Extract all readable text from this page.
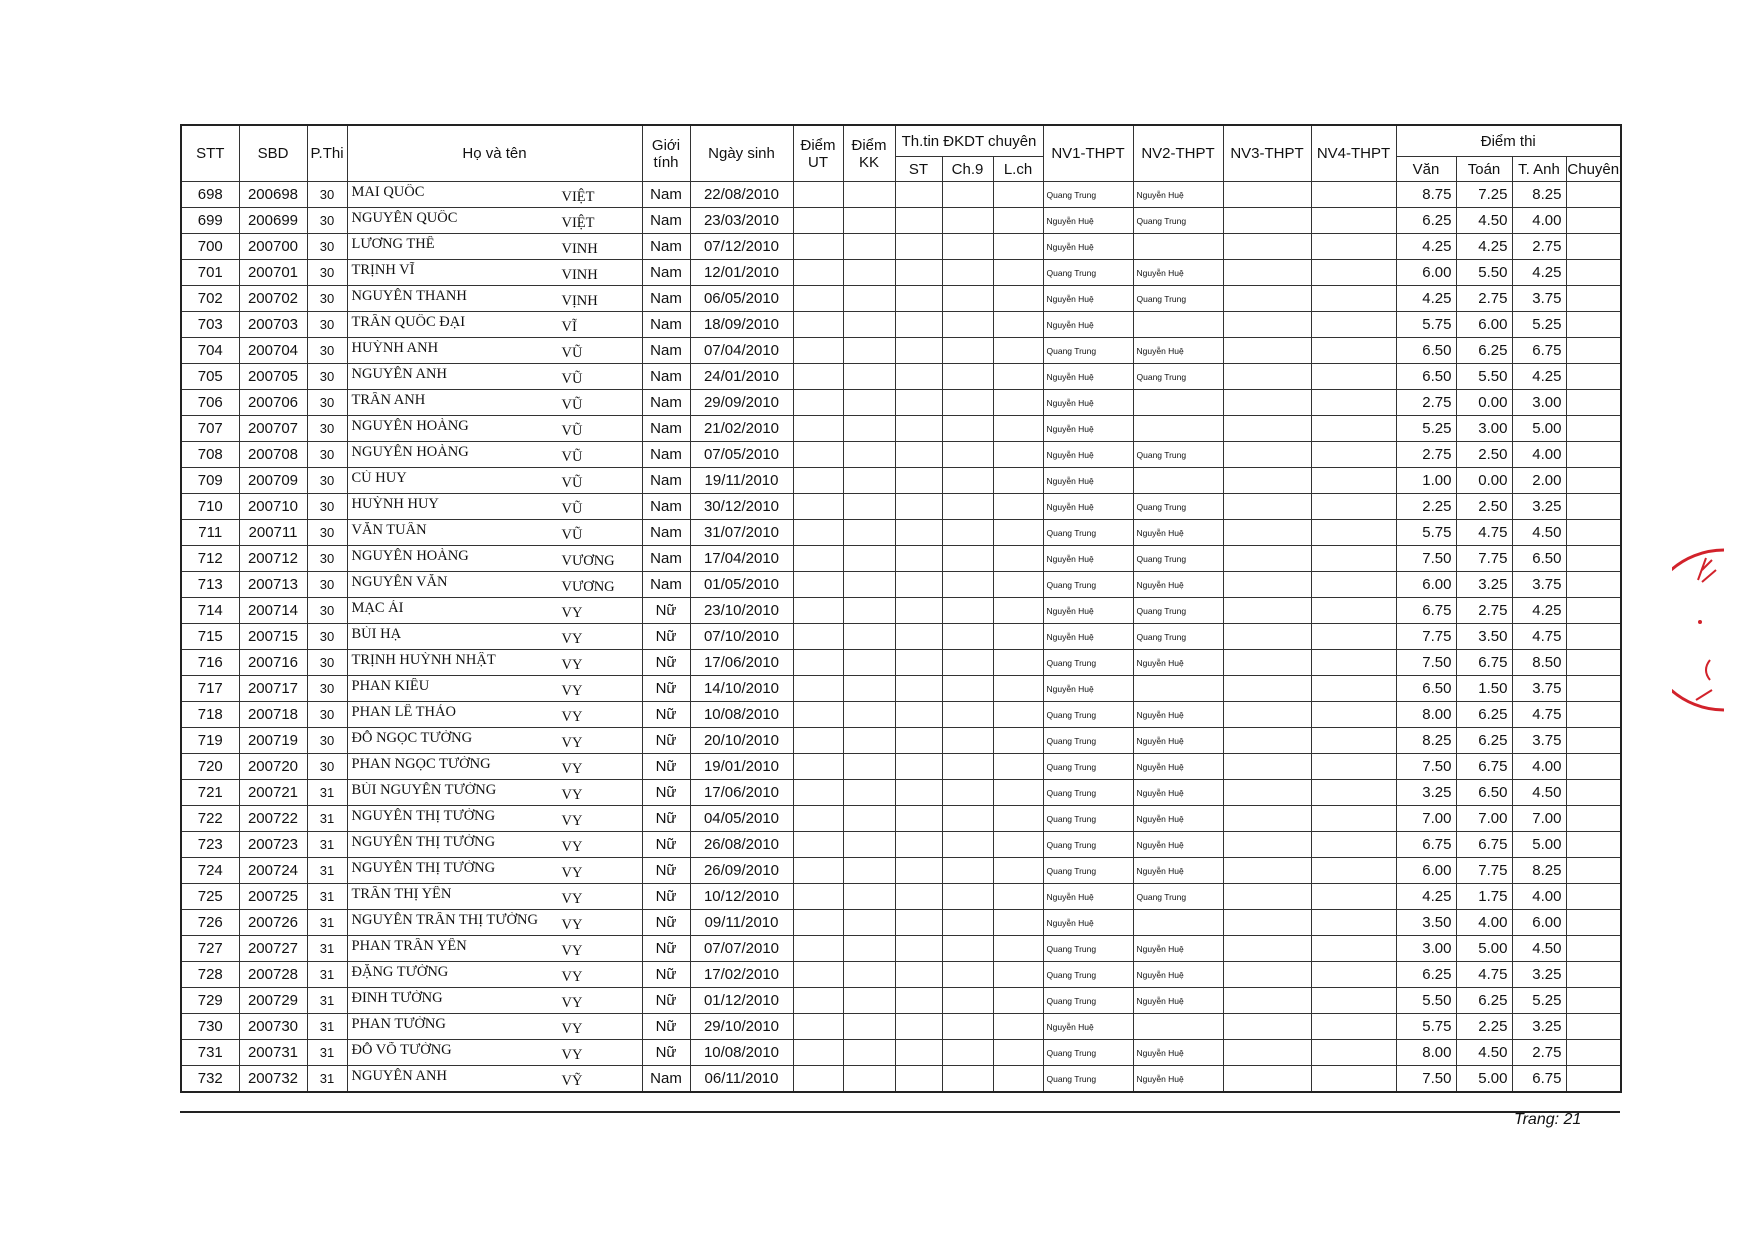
STT	SBD	P.Thi	Họ và tên	Giới tính	Ngày sinh	Điểm UT	Điểm KK	Th.tin ĐKDT chuyên			NV1-THPT	NV2-THPT	NV3-THPT	NV4-THPT	Điểm thi			
								ST	Ch.9	L.ch					Văn	Toán	T. Anh	Chuyên
698	200698	30	MAI QUỐC VIỆT	Nam	22/08/2010						Quang Trung	Nguyễn Huệ			8.75	7.25	8.25	
699	200699	30	NGUYỄN QUỐC VIỆT	Nam	23/03/2010						Nguyễn Huệ	Quang Trung			6.25	4.50	4.00	
700	200700	30	LƯƠNG THẾ VINH	Nam	07/12/2010						Nguyễn Huệ				4.25	4.25	2.75	
701	200701	30	TRỊNH VĨ VINH	Nam	12/01/2010						Quang Trung	Nguyễn Huệ			6.00	5.50	4.25	
702	200702	30	NGUYỄN THANH VỊNH	Nam	06/05/2010						Nguyễn Huệ	Quang Trung			4.25	2.75	3.75	
703	200703	30	TRẦN QUỐC ĐẠI VĨ	Nam	18/09/2010						Nguyễn Huệ				5.75	6.00	5.25	
704	200704	30	HUỲNH ANH VŨ	Nam	07/04/2010						Quang Trung	Nguyễn Huệ			6.50	6.25	6.75	
705	200705	30	NGUYỄN ANH VŨ	Nam	24/01/2010						Nguyễn Huệ	Quang Trung			6.50	5.50	4.25	
706	200706	30	TRẦN ANH VŨ	Nam	29/09/2010						Nguyễn Huệ				2.75	0.00	3.00	
707	200707	30	NGUYỄN HOÀNG VŨ	Nam	21/02/2010						Nguyễn Huệ				5.25	3.00	5.00	
708	200708	30	NGUYỄN HOÀNG VŨ	Nam	07/05/2010						Nguyễn Huệ	Quang Trung			2.75	2.50	4.00	
709	200709	30	CÙ HUY VŨ	Nam	19/11/2010						Nguyễn Huệ				1.00	0.00	2.00	
710	200710	30	HUỲNH HUY VŨ	Nam	30/12/2010						Nguyễn Huệ	Quang Trung			2.25	2.50	3.25	
711	200711	30	VĂN TUẤN VŨ	Nam	31/07/2010						Quang Trung	Nguyễn Huệ			5.75	4.75	4.50	
712	200712	30	NGUYỄN HOÀNG VƯƠNG	Nam	17/04/2010						Nguyễn Huệ	Quang Trung			7.50	7.75	6.50	
713	200713	30	NGUYỄN VĂN VƯƠNG	Nam	01/05/2010						Quang Trung	Nguyễn Huệ			6.00	3.25	3.75	
714	200714	30	MẠC ÁI VY	Nữ	23/10/2010						Nguyễn Huệ	Quang Trung			6.75	2.75	4.25	
715	200715	30	BÙI HẠ VY	Nữ	07/10/2010						Nguyễn Huệ	Quang Trung			7.75	3.50	4.75	
716	200716	30	TRỊNH HUỲNH NHẬT VY	Nữ	17/06/2010						Quang Trung	Nguyễn Huệ			7.50	6.75	8.50	
717	200717	30	PHAN KIỀU VY	Nữ	14/10/2010						Nguyễn Huệ				6.50	1.50	3.75	
718	200718	30	PHAN LÊ THẢO VY	Nữ	10/08/2010						Quang Trung	Nguyễn Huệ			8.00	6.25	4.75	
719	200719	30	ĐỖ NGỌC TƯỜNG VY	Nữ	20/10/2010						Quang Trung	Nguyễn Huệ			8.25	6.25	3.75	
720	200720	30	PHAN NGỌC TƯỜNG VY	Nữ	19/01/2010						Quang Trung	Nguyễn Huệ			7.50	6.75	4.00	
721	200721	31	BÙI NGUYỄN TƯỜNG VY	Nữ	17/06/2010						Quang Trung	Nguyễn Huệ			3.25	6.50	4.50	
722	200722	31	NGUYỄN THỊ TƯỜNG VY	Nữ	04/05/2010						Quang Trung	Nguyễn Huệ			7.00	7.00	7.00	
723	200723	31	NGUYỄN THỊ TƯỜNG VY	Nữ	26/08/2010						Quang Trung	Nguyễn Huệ			6.75	6.75	5.00	
724	200724	31	NGUYỄN THỊ TƯỜNG VY	Nữ	26/09/2010						Quang Trung	Nguyễn Huệ			6.00	7.75	8.25	
725	200725	31	TRẦN THỊ YẾN VY	Nữ	10/12/2010						Nguyễn Huệ	Quang Trung			4.25	1.75	4.00	
726	200726	31	NGUYỄN TRẦN THỊ TƯỜNG VY	Nữ	09/11/2010						Nguyễn Huệ				3.50	4.00	6.00	
727	200727	31	PHAN TRẦN YẾN VY	Nữ	07/07/2010						Quang Trung	Nguyễn Huệ			3.00	5.00	4.50	
728	200728	31	ĐẶNG TƯỜNG VY	Nữ	17/02/2010						Quang Trung	Nguyễn Huệ			6.25	4.75	3.25	
729	200729	31	ĐINH TƯỜNG VY	Nữ	01/12/2010						Quang Trung	Nguyễn Huệ			5.50	6.25	5.25	
730	200730	31	PHAN TƯỜNG VY	Nữ	29/10/2010						Nguyễn Huệ				5.75	2.25	3.25	
731	200731	31	ĐỖ VÕ TƯỜNG VY	Nữ	10/08/2010						Quang Trung	Nguyễn Huệ			8.00	4.50	2.75	
732	200732	31	NGUYỄN ANH VỸ	Nam	06/11/2010						Quang Trung	Nguyễn Huệ			7.50	5.00	6.75	
Trang: 21
